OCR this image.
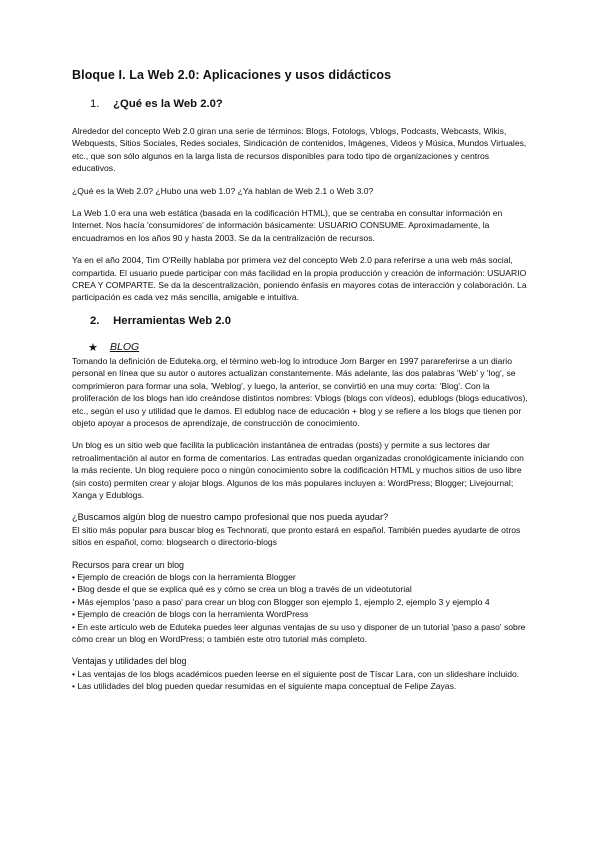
Bloque I. La Web 2.0: Aplicaciones y usos didácticos
1. ¿Qué es la Web 2.0?

Alrededor del concepto Web 2.0 giran una serie de términos: Blogs, Fotologs, Vblogs, Podcasts, Webcasts, Wikis, Webquests, Sitios Sociales, Redes sociales, Sindicación de contenidos, Imágenes, Videos y Música, Mundos Virtuales, etc., que son sólo algunos en la larga lista de recursos disponibles para todo tipo de organizaciones y centros educativos.

¿Qué es la Web 2.0? ¿Hubo una web 1.0? ¿Ya hablan de Web 2.1 o Web 3.0?

La Web 1.0 era una web estática (basada en la codificación HTML), que se centraba en consultar información en Internet. Nos hacía 'consumidores' de información básicamente: USUARIO CONSUME. Aproximadamente, la encuadramos en los años 90 y hasta 2003. Se da la centralización de recursos.

Ya en el año 2004, Tim O'Reilly hablaba por primera vez del concepto Web 2.0 para referirse a una web más social, compartida. El usuario puede participar con más facilidad en la propia producción y creación de información: USUARIO CREA Y COMPARTE. Se da la descentralización, poniendo énfasis en mayores cotas de interacción y colaboración. La participación es cada vez más sencilla, amigable e intuitiva.

2. Herramientas Web 2.0
★	BLOG

Tomando la definición de Eduteka.org, el término web-log lo introduce Jorn Barger en 1997 parareferirse a un diario personal en línea que su autor o autores actualizan constantemente. Más adelante, las dos palabras 'Web' y 'log', se comprimieron para formar una sola, 'Weblog', y luego, la anterior, se convirtió en una muy corta: 'Blog'. Con la proliferación de los blogs han ido creándose distintos nombres: Vblogs (blogs con vídeos), edublogs (blogs educativos), etc., según el uso y utilidad que le damos. El edublog nace de educación + blog y se refiere a los blogs que tienen por objeto apoyar a procesos de aprendizaje, de construcción de conocimiento.

Un blog es un sitio web que facilita la publicación instantánea de entradas (posts) y permite a sus lectores dar retroalimentación al autor en forma de comentarios. Las entradas quedan organizadas cronológicamente iniciando con la más reciente. Un blog requiere poco o ningún conocimiento sobre la codificación HTML y muchos sitios de uso libre (sin costo) permiten crear y alojar blogs. Algunos de los más populares incluyen a: WordPress; Blogger; Livejournal; Xanga y Edublogs.

¿Buscamos algún blog de nuestro campo profesional que nos pueda ayudar?

El sitio más popular para buscar blog es Technorati, que pronto estará en español. También puedes ayudarte de otros sitios en español, como: blogsearch o directorio-blogs

Recursos para crear un blog

• Ejemplo de creación de blogs con la herramienta Blogger

• Blog desde el que se explica qué es y cómo se crea un blog a través de un videotutorial

• Más ejemplos 'paso a paso' para crear un blog con Blogger son ejemplo 1, ejemplo 2, ejemplo 3 y ejemplo 4

• Ejemplo de creación de blogs con la herramienta WordPress

• En este artículo web de Eduteka puedes leer algunas ventajas de su uso y disponer de un tutorial 'paso a paso' sobre cómo crear un blog en WordPress; o también este otro tutorial más completo.

Ventajas y utilidades del blog

• Las ventajas de los blogs académicos pueden leerse en el siguiente post de Tíscar Lara, con un slideshare incluido.

• Las utilidades del blog pueden quedar resumidas en el siguiente mapa conceptual de Felipe Zayas.
